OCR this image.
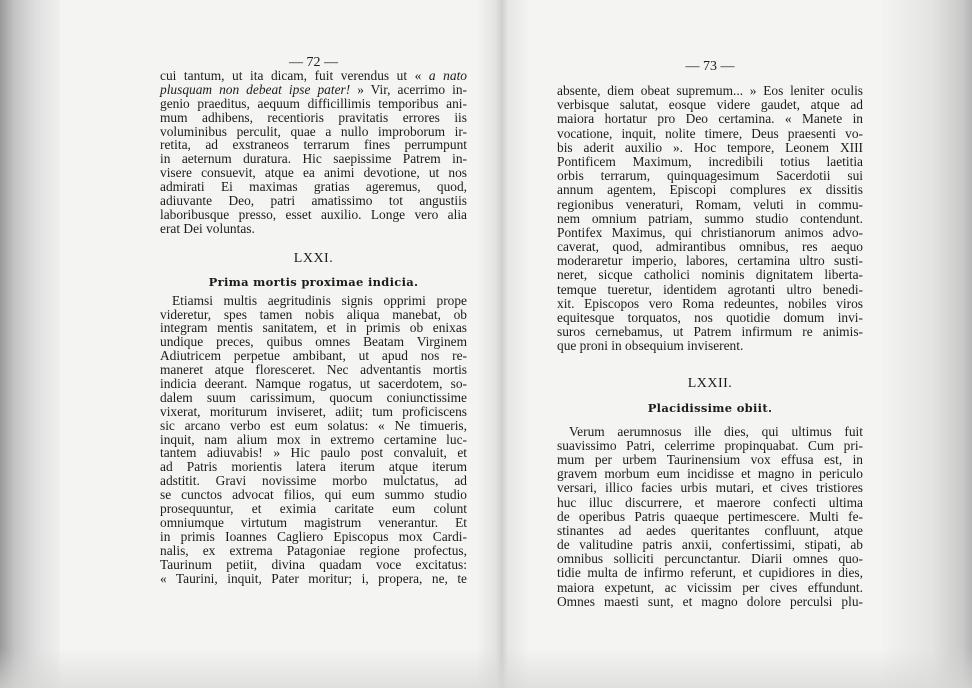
— 72 —
cui tantum, ut ita dicam, fuit verendus ut « a nato
plusquam non debeat ipse pater! » Vir, acerrimo in-
genio praeditus, aequum difficillimis temporibus ani-
mum adhibens, recentioris pravitatis errores iis
voluminibus perculit, quae a nullo improborum ir-
retita, ad exstraneos terrarum fines perrumpunt
in aeternum duratura. Hic saepissime Patrem in-
visere consuevit, atque ea animi devotione, ut nos
admirati Ei maximas gratias ageremus, quod,
adiuvante Deo, patri amatissimo tot angustiis
laboribusque presso, esset auxilio. Longe vero alia
erat Dei voluntas.
LXXI.
Prima mortis proximae indicia.
Etiamsi multis aegritudinis signis opprimi prope
videretur, spes tamen nobis aliqua manebat, ob
integram mentis sanitatem, et in primis ob enixas
undique preces, quibus omnes Beatam Virginem
Adiutricem perpetue ambibant, ut apud nos re-
maneret atque floresceret. Nec adventantis mortis
indicia deerant. Namque rogatus, ut sacerdotem, so-
dalem suum carissimum, quocum coniunctissime
vixerat, moriturum inviseret, adiit; tum proficiscens
sic arcano verbo est eum solatus: « Ne timueris,
inquit, nam alium mox in extremo certamine luc-
tantem adiuvabis! » Hic paulo post convaluit, et
ad Patris morientis latera iterum atque iterum
adstitit. Gravi novissime morbo mulctatus, ad
se cunctos advocat filios, qui eum summo studio
prosequuntur, et eximia caritate eum colunt
omniumque virtutum magistrum venerantur. Et
in primis Ioannes Cagliero Episcopus mox Cardi-
nalis, ex extrema Patagoniae regione profectus,
Taurinum petiit, divina quadam voce excitatus:
« Taurini, inquit, Pater moritur; i, propera, ne, te
— 73 —
absente, diem obeat supremum... » Eos leniter oculis
verbisque salutat, eosque videre gaudet, atque ad
maiora hortatur pro Deo certamina. « Manete in
vocatione, inquit, nolite timere, Deus praesenti vo-
bis aderit auxilio ». Hoc tempore, Leonem XIII
Pontificem Maximum, incredibili totius laetitia
orbis terrarum, quinquagesimum Sacerdotii sui
annum agentem, Episcopi complures ex dissitis
regionibus veneraturi, Romam, veluti in commu-
nem omnium patriam, summo studio contendunt.
Pontifex Maximus, qui christianorum animos advo-
caverat, quod, admirantibus omnibus, res aequo
moderaretur imperio, labores, certamina ultro susti-
neret, sicque catholici nominis dignitatem liberta-
temque tueretur, identidem agrotanti ultro benedi-
xit. Episcopos vero Roma redeuntes, nobiles viros
equitesque torquatos, nos quotidie domum invi-
suros cernebamus, ut Patrem infirmum re animis-
que proni in obsequium inviserent.
LXXII.
Placidissime obiit.
Verum aerumnosus ille dies, qui ultimus fuit
suavissimo Patri, celerrime propinquabat. Cum pri-
mum per urbem Taurinensium vox effusa est, in
gravem morbum eum incidisse et magno in periculo
versari, illico facies urbis mutari, et cives tristiores
huc illuc discurrere, et maerore confecti ultima
de operibus Patris quaeque pertimescere. Multi fe-
stinantes ad aedes queritantes confluunt, atque
de valitudine patris anxii, confertissimi, stipati, ab
omnibus solliciti percunctantur. Diarii omnes quo-
tidie multa de infirmo referunt, et cupidiores in dies,
maiora expetunt, ac vicissim per cives effundunt.
Omnes maesti sunt, et magno dolore perculsi plu-
